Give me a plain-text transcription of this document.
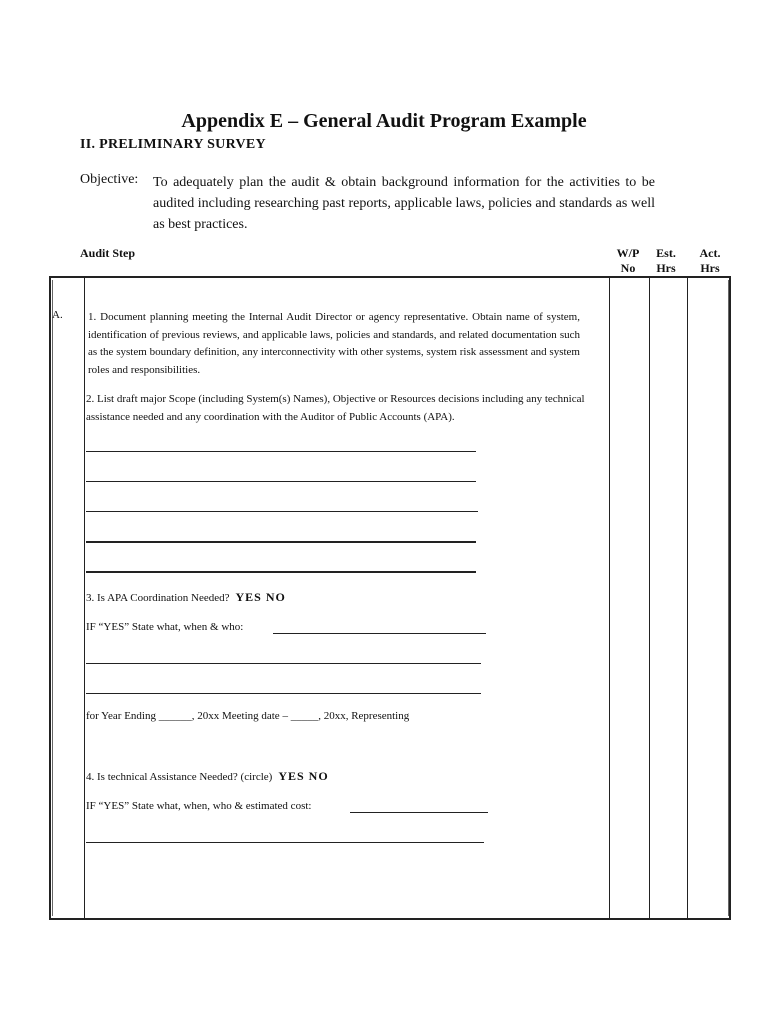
Appendix E – General Audit Program Example
II. PRELIMINARY SURVEY
Objective: To adequately plan the audit & obtain background information for the activities to be audited including researching past reports, applicable laws, policies and standards as well as best practices.
Audit Step	W/P No
Est. Hrs
Act. Hrs
A. 1. Document planning meeting the Internal Audit Director or agency representative. Obtain name of system, identification of previous reviews, and applicable laws, policies and standards, and related documentation such as the system boundary definition, any interconnectivity with other systems, system risk assessment and system roles and responsibilities.
2. List draft major Scope (including System(s) Names), Objective or Resources decisions including any technical assistance needed and any coordination with the Auditor of Public Accounts (APA).
3. Is APA Coordination Needed? YES NO
IF “YES” State what, when & who:
for Year Ending ______, 20xx Meeting date – _____, 20xx, Representing
4. Is technical Assistance Needed? (circle) YES NO
IF “YES” State what, when, who & estimated cost:
